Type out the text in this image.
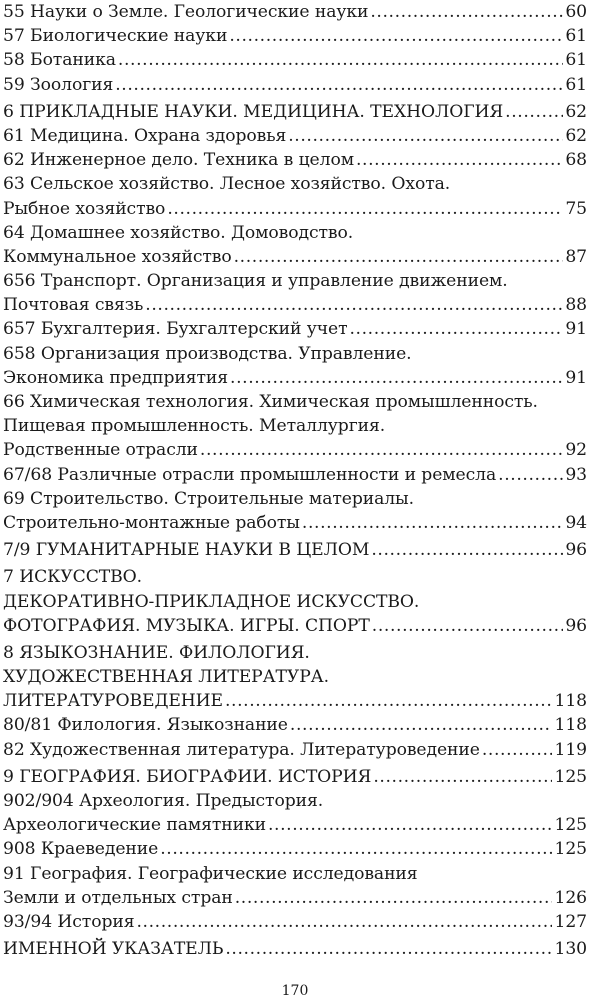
55 Науки о Земле. Геологические науки .....	60
57 Биологические науки .....	61
58 Ботаника .....	61
59 Зоология .....	61
6 ПРИКЛАДНЫЕ НАУКИ. МЕДИЦИНА. ТЕХНОЛОГИЯ .....	62
61 Медицина. Охрана здоровья .....	62
62 Инженерное дело. Техника в целом .....	68
63 Сельское хозяйство. Лесное хозяйство. Охота.
Рыбное хозяйство .....	75
64 Домашнее хозяйство. Домоводство.
Коммунальное хозяйство .....	87
656 Транспорт. Организация и управление движением.
Почтовая связь .....	88
657 Бухгалтерия. Бухгалтерский учет .....	91
658 Организация производства. Управление.
Экономика предприятия .....	91
66 Химическая технология. Химическая промышленность.
Пищевая промышленность. Металлургия.
Родственные отрасли .....	92
67/68 Различные отрасли промышленности и ремесла .....	93
69 Строительство. Строительные материалы.
Строительно-монтажные работы .....	94
7/9 ГУМАНИТАРНЫЕ НАУКИ В ЦЕЛОМ .....	96
7 ИСКУССТВО.
ДЕКОРАТИВНО-ПРИКЛАДНОЕ ИСКУССТВО.
ФОТОГРАФИЯ. МУЗЫКА. ИГРЫ. СПОРТ .....	96
8 ЯЗЫКОЗНАНИЕ. ФИЛОЛОГИЯ.
ХУДОЖЕСТВЕННАЯ ЛИТЕРАТУРА.
ЛИТЕРАТУРОВЕДЕНИЕ .....	118
80/81 Филология. Языкознание .....	118
82 Художественная литература. Литературоведение .....	119
9 ГЕОГРАФИЯ. БИОГРАФИИ. ИСТОРИЯ .....	125
902/904 Археология. Предыстория.
Археологические памятники .....	125
908 Краеведение .....	125
91 География. Географические исследования
Земли и отдельных стран .....	126
93/94 История .....	127
ИМЕННОЙ УКАЗАТЕЛЬ .....	130
170
